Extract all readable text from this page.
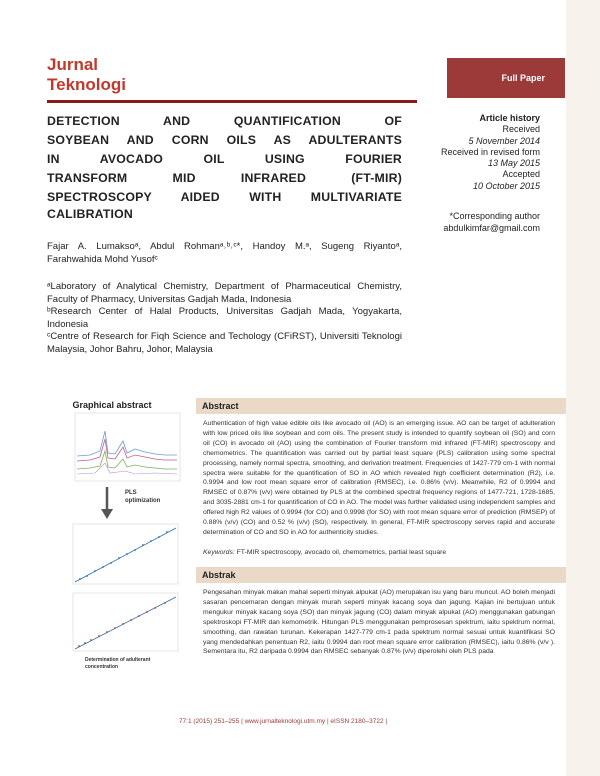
Jurnal
Teknologi	Full Paper
DETECTION AND QUANTIFICATION OF
SOYBEAN AND CORN OILS AS ADULTERANTS
IN AVOCADO OIL USING FOURIER
TRANSFORM MID INFRARED (FT-MIR)
SPECTROSCOPY AIDED WITH MULTIVARIATE
CALIBRATION
Article history
Received
5 November 2014
Received in revised form
13 May 2015
Accepted
10 October 2015
*Corresponding author
abdulkimfar@gmail.com
Fajar A. Lumaksoᵃ, Abdul Rohmanᵃ˒ᵇ˒ᶜ*, Handoy M.ᵃ, Sugeng Riyantoᵃ, Farahwahida Mohd Yusofᶜ
ᵃLaboratory of Analytical Chemistry, Department of Pharmaceutical Chemistry, Faculty of Pharmacy, Universitas Gadjah Mada, Indonesia
ᵇResearch Center of Halal Products, Universitas Gadjah Mada, Yogyakarta, Indonesia
ᶜCentre of Research for Fiqh Science and Techology (CFiRST), Universiti Teknologi Malaysia, Johor Bahru, Johor, Malaysia
Graphical abstract
PLS
optimization
Determination of adulterant
concentration
Abstract
Authentication of high value edible oils like avocado oil (AO) is an emerging issue. AO can be target of adulteration with low priced oils like soybean and corn oils. The present study is intended to quantify soybean oil (SO) and corn oil (CO) in avocado oil (AO) using the combination of Fourier transform mid infrared (FT-MIR) spectroscopy and chemometrics. The quantification was carried out by partial least square (PLS) calibration using some spectral processing, namely normal spectra, smoothing, and derivation treatment. Frequencies of 1427-779 cm-1 with normal spectra were suitable for the quantification of SO in AO which revealed high coefficient determination (R2), i.e. 0.9994 and low root mean square error of calibration (RMSEC), i.e. 0.86% (v/v). Meanwhile, R2 of 0.9994 and RMSEC of 0.87% (v/v) were obtained by PLS at the combined spectral frequency regions of 1477-721, 1728-1685, and 3035-2881 cm-1 for quantification of CO in AO. The model was further validated using independent samples and offered high R2 values of 0.9994 (for CO) and 0.9998 (for SO) with root mean square error of prediction (RMSEP) of 0.88% (v/v) (CO) and 0.52 % (v/v) (SO), respectively. In general, FT-MIR spectroscopy serves rapid and accurate determination of CO and SO in AO for authenticity studies.
Keywords: FT-MIR spectroscopy, avocado oil, chemometrics, partial least square
Abstrak
Pengesahan minyak makan mahal seperti minyak alpukat (AO) merupakan isu yang baru muncul. AO boleh menjadi sasaran pencemaran dengan minyak murah seperti minyak kacang soya dan jagung. Kajian ini bertujuan untuk mengukur minyak kacang soya (SO) dan minyak jagung (CO) dalam minyak alpukat (AO) menggunakan gabungan spektroskopi FT-MIR dan kemometrik. Hitungan PLS menggunakan pemprosesan spektrum, iaitu spektrum normal, smoothing, dan rawatan turunan. Kekerapan 1427-779 cm-1 pada spektrum normal sesuai untuk kuantifikasi SO yang mendedahkan penentuan R2, iaitu 0.9994 dan root mean square error calibration (RMSEC), iaitu 0.86% (v/v ). Sementara itu, R2 daripada 0.9994 dan RMSEC sebanyak 0.87% (v/v) diperolehi oleh PLS pada
77:1 (2015) 251–255 | www.jurnalteknologi.utm.my | eISSN 2180–3722 |
